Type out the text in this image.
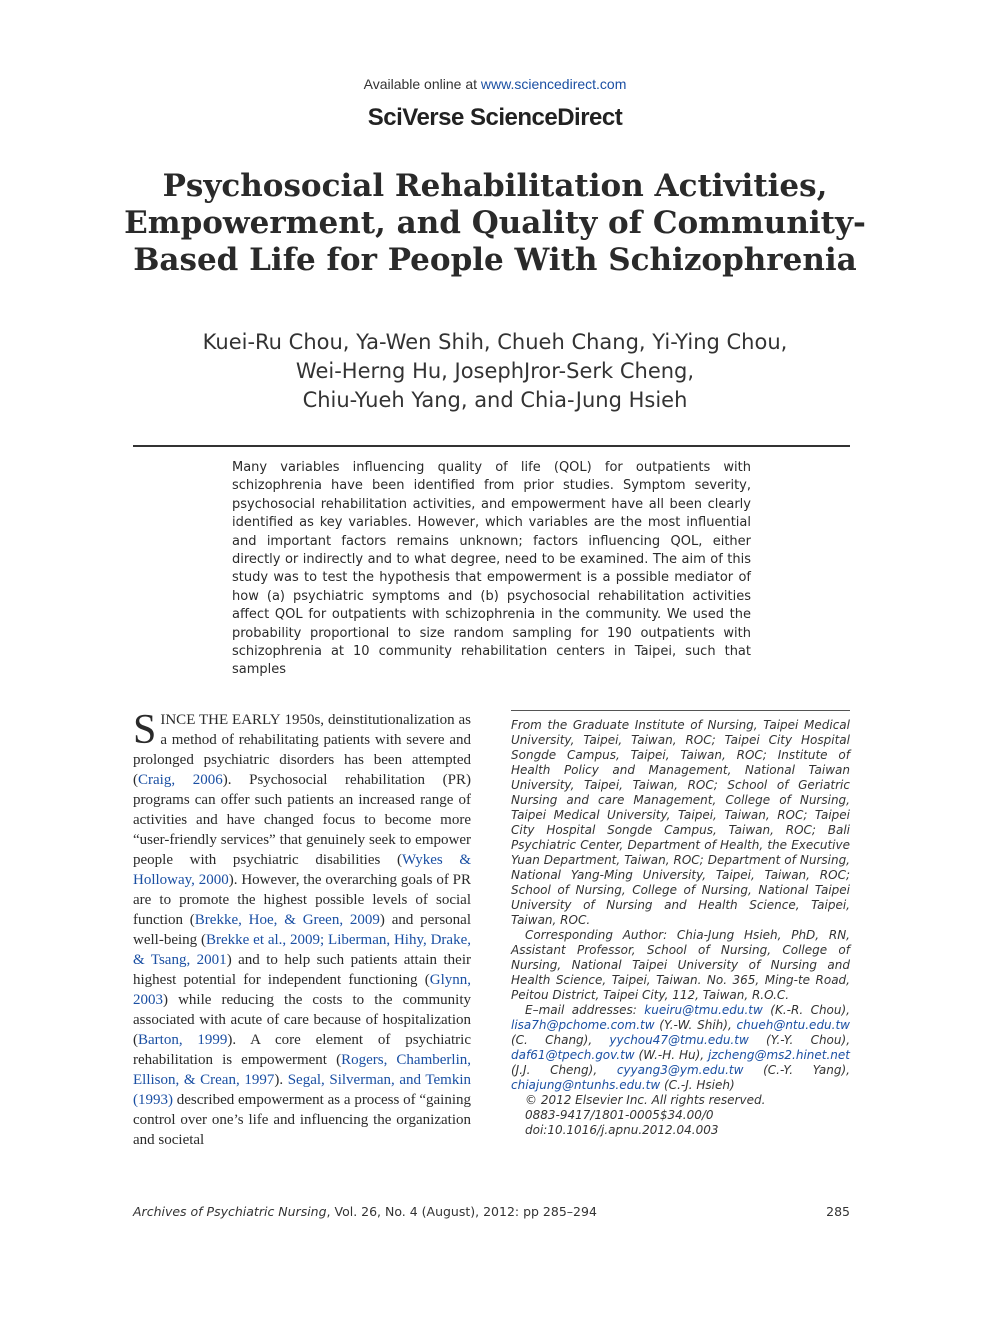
Available online at www.sciencedirect.com
SciVerse ScienceDirect
Psychosocial Rehabilitation Activities, Empowerment, and Quality of Community-Based Life for People With Schizophrenia
Kuei-Ru Chou, Ya-Wen Shih, Chueh Chang, Yi-Ying Chou,
Wei-Herng Hu, JosephJror-Serk Cheng,
Chiu-Yueh Yang, and Chia-Jung Hsieh

Many variables influencing quality of life (QOL) for outpatients with schizophrenia have been identified from prior studies. Symptom severity, psychosocial rehabilitation activities, and empowerment have all been clearly identified as key variables. However, which variables are the most influential and important factors remains unknown; factors influencing QOL, either directly or indirectly and to what degree, need to be examined. The aim of this study was to test the hypothesis that empowerment is a possible mediator of how (a) psychiatric symptoms and (b) psychosocial rehabilitation activities affect QOL for outpatients with schizophrenia in the community. We used the probability proportional to size random sampling for 190 outpatients with schizophrenia at 10 community rehabilitation centers in Taipei, such that samples

SINCE THE EARLY 1950s, deinstitutionalization as a method of rehabilitating patients with severe and prolonged psychiatric disorders has been attempted (Craig, 2006). Psychosocial rehabilitation (PR) programs can offer such patients an increased range of activities and have changed focus to become more “user-friendly services” that genuinely seek to empower people with psychiatric disabilities (Wykes & Holloway, 2000). However, the overarching goals of PR are to promote the highest possible levels of social function (Brekke, Hoe, & Green, 2009) and personal well-being (Brekke et al., 2009; Liberman, Hihy, Drake, & Tsang, 2001) and to help such patients attain their highest potential for independent functioning (Glynn, 2003) while reducing the costs to the community associated with acute of care because of hospitalization (Barton, 1999). A core element of psychiatric rehabilitation is empowerment (Rogers, Chamberlin, Ellison, & Crean, 1997). Segal, Silverman, and Temkin (1993) described empowerment as a process of “gaining control over one’s life and influencing the organization and societal

From the Graduate Institute of Nursing, Taipei Medical University, Taipei, Taiwan, ROC; Taipei City Hospital Songde Campus, Taipei, Taiwan, ROC; Institute of Health Policy and Management, National Taiwan University, Taipei, Taiwan, ROC; School of Geriatric Nursing and care Management, College of Nursing, Taipei Medical University, Taipei, Taiwan, ROC; Taipei City Hospital Songde Campus, Taiwan, ROC; Bali Psychiatric Center, Department of Health, the Executive Yuan Department, Taiwan, ROC; Department of Nursing, National Yang-Ming University, Taipei, Taiwan, ROC; School of Nursing, College of Nursing, National Taipei University of Nursing and Health Science, Taipei, Taiwan, ROC.

Corresponding Author: Chia-Jung Hsieh, PhD, RN, Assistant Professor, School of Nursing, College of Nursing, National Taipei University of Nursing and Health Science, Taipei, Taiwan. No. 365, Ming-te Road, Peitou District, Taipei City, 112, Taiwan, R.O.C.

E–mail addresses: kueiru@tmu.edu.tw (K.-R. Chou), lisa7h@pchome.com.tw (Y.-W. Shih), chueh@ntu.edu.tw (C. Chang), yychou47@tmu.edu.tw (Y.-Y. Chou), daf61@tpech.gov.tw (W.-H. Hu), jzcheng@ms2.hinet.net (J.J. Cheng), cyyang3@ym.edu.tw (C.-Y. Yang), chiajung@ntunhs.edu.tw (C.-J. Hsieh)

© 2012 Elsevier Inc. All rights reserved.

0883-9417/1801-0005$34.00/0

doi:10.1016/j.apnu.2012.04.003

Archives of Psychiatric Nursing, Vol. 26, No. 4 (August), 2012: pp 285–294	285
